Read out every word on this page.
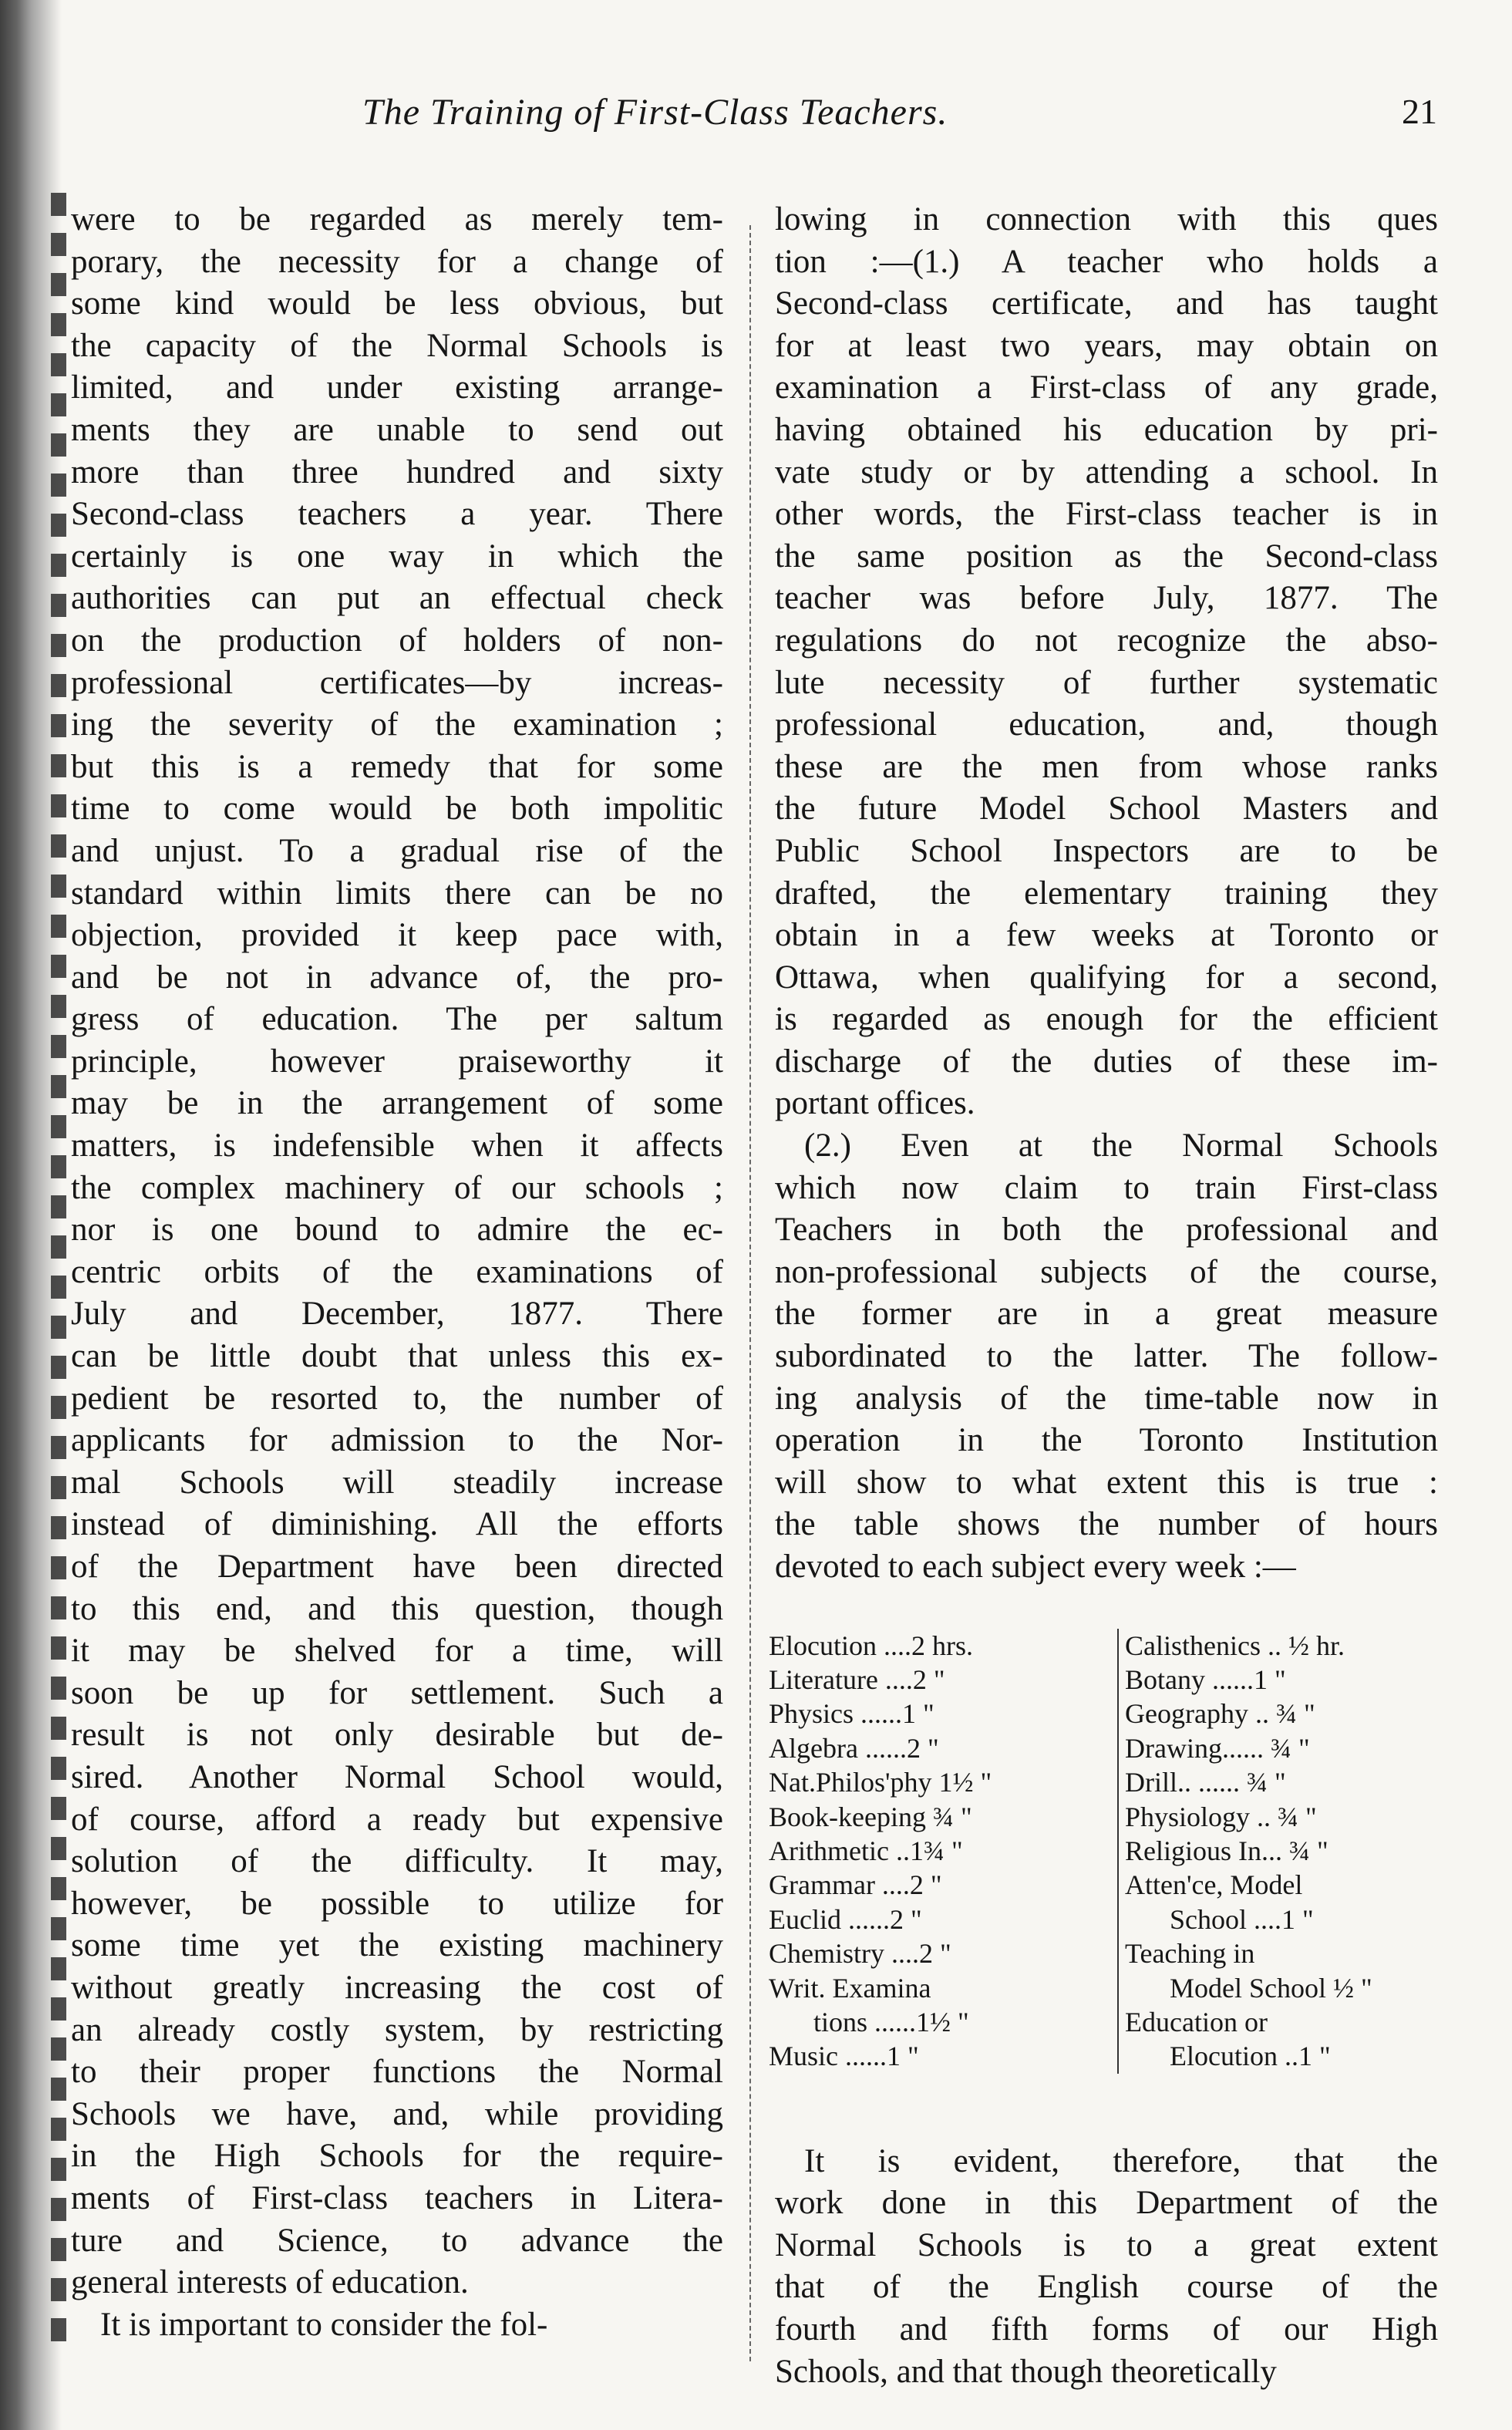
The Training of First-Class Teachers.	21
were to be regarded as merely tem-
porary, the necessity for a change of
some kind would be less obvious, but
the capacity of the Normal Schools is
limited, and under existing arrange-
ments they are unable to send out
more than three hundred and sixty
Second-class teachers a year. There
certainly is one way in which the
authorities can put an effectual check
on the production of holders of non-
professional certificates—by increas-
ing the severity of the examination ;
but this is a remedy that for some
time to come would be both impolitic
and unjust. To a gradual rise of the
standard within limits there can be no
objection, provided it keep pace with,
and be not in advance of, the pro-
gress of education. The per saltum
principle, however praiseworthy it
may be in the arrangement of some
matters, is indefensible when it affects
the complex machinery of our schools ;
nor is one bound to admire the ec-
centric orbits of the examinations of
July and December, 1877. There
can be little doubt that unless this ex-
pedient be resorted to, the number of
applicants for admission to the Nor-
mal Schools will steadily increase
instead of diminishing. All the efforts
of the Department have been directed
to this end, and this question, though
it may be shelved for a time, will
soon be up for settlement. Such a
result is not only desirable but de-
sired. Another Normal School would,
of course, afford a ready but expensive
solution of the difficulty. It may,
however, be possible to utilize for
some time yet the existing machinery
without greatly increasing the cost of
an already costly system, by restricting
to their proper functions the Normal
Schools we have, and, while providing
in the High Schools for the require-
ments of First-class teachers in Litera-
ture and Science, to advance the
general interests of education.
It is important to consider the fol-
lowing in connection with this ques
tion :—(1.) A teacher who holds a
Second-class certificate, and has taught
for at least two years, may obtain on
examination a First-class of any grade,
having obtained his education by pri-
vate study or by attending a school. In
other words, the First-class teacher is in
the same position as the Second-class
teacher was before July, 1877. The
regulations do not recognize the abso-
lute necessity of further systematic
professional education, and, though
these are the men from whose ranks
the future Model School Masters and
Public School Inspectors are to be
drafted, the elementary training they
obtain in a few weeks at Toronto or
Ottawa, when qualifying for a second,
is regarded as enough for the efficient
discharge of the duties of these im-
portant offices.
(2.) Even at the Normal Schools
which now claim to train First-class
Teachers in both the professional and
non-professional subjects of the course,
the former are in a great measure
subordinated to the latter. The follow-
ing analysis of the time-table now in
operation in the Toronto Institution
will show to what extent this is true :
the table shows the number of hours
devoted to each subject every week :—
Elocution ....2 hrs.
Literature ....2 "
Physics ......1 "
Algebra ......2 "
Nat.Philos'phy 1½ "
Book-keeping ¾ "
Arithmetic ..1¾ "
Grammar ....2 "
Euclid ......2 "
Chemistry ....2 "
Writ. Examina
tions ......1½ "
Music ......1 "
Calisthenics .. ½ hr.
Botany ......1 "
Geography .. ¾ "
Drawing...... ¾ "
Drill.. ...... ¾ "
Physiology .. ¾ "
Religious In... ¾ "
Atten'ce, Model
School ....1 "
Teaching in
Model School ½ "
Education or
Elocution ..1 "
It is evident, therefore, that the
work done in this Department of the
Normal Schools is to a great extent
that of the English course of the
fourth and fifth forms of our High
Schools, and that though theoretically
